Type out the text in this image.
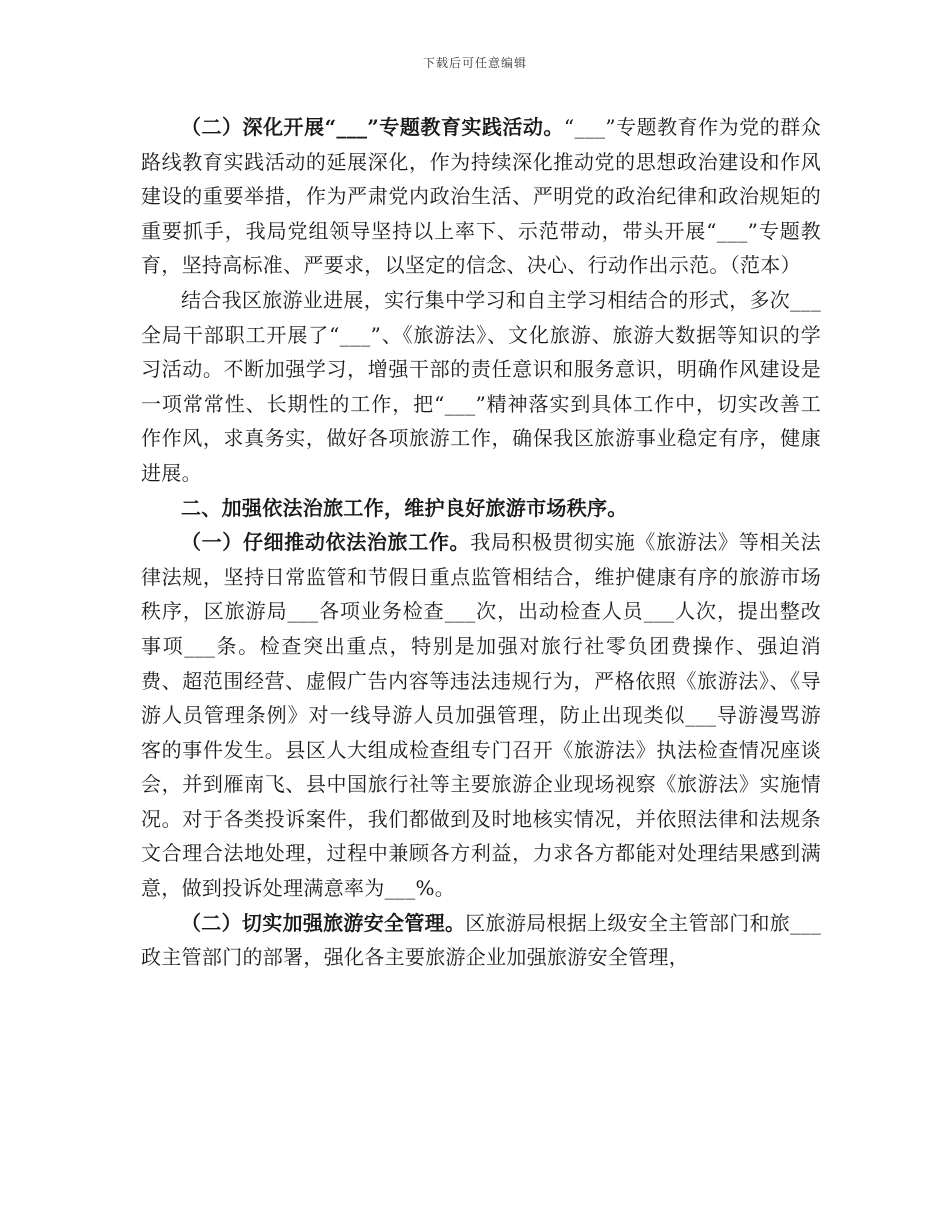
下载后可任意编辑

（二）深化开展“___”专题教育实践活动。“___”专题教育作为党的群众路线教育实践活动的延展深化，作为持续深化推动党的思想政治建设和作风建设的重要举措，作为严肃党内政治生活、严明党的政治纪律和政治规矩的重要抓手，我局党组领导坚持以上率下、示范带动，带头开展“___”专题教育，坚持高标准、严要求，以坚定的信念、决心、行动作出示范。（范本）

结合我区旅游业进展，实行集中学习和自主学习相结合的形式，多次___全局干部职工开展了“___”、《旅游法》、文化旅游、旅游大数据等知识的学习活动。不断加强学习，增强干部的责任意识和服务意识，明确作风建设是一项常常性、长期性的工作，把“___”精神落实到具体工作中，切实改善工作作风，求真务实，做好各项旅游工作，确保我区旅游事业稳定有序，健康进展。

二、加强依法治旅工作，维护良好旅游市场秩序。

（一）仔细推动依法治旅工作。我局积极贯彻实施《旅游法》等相关法律法规，坚持日常监管和节假日重点监管相结合，维护健康有序的旅游市场秩序，区旅游局___各项业务检查___次，出动检查人员___人次，提出整改事项___条。检查突出重点，特别是加强对旅行社零负团费操作、强迫消费、超范围经营、虚假广告内容等违法违规行为，严格依照《旅游法》、《导游人员管理条例》对一线导游人员加强管理，防止出现类似___导游漫骂游客的事件发生。县区人大组成检查组专门召开《旅游法》执法检查情况座谈会，并到雁南飞、县中国旅行社等主要旅游企业现场视察《旅游法》实施情况。对于各类投诉案件，我们都做到及时地核实情况，并依照法律和法规条文合理合法地处理，过程中兼顾各方利益，力求各方都能对处理结果感到满意，做到投诉处理满意率为___%。

（二）切实加强旅游安全管理。区旅游局根据上级安全主管部门和旅___政主管部门的部署，强化各主要旅游企业加强旅游安全管理，
